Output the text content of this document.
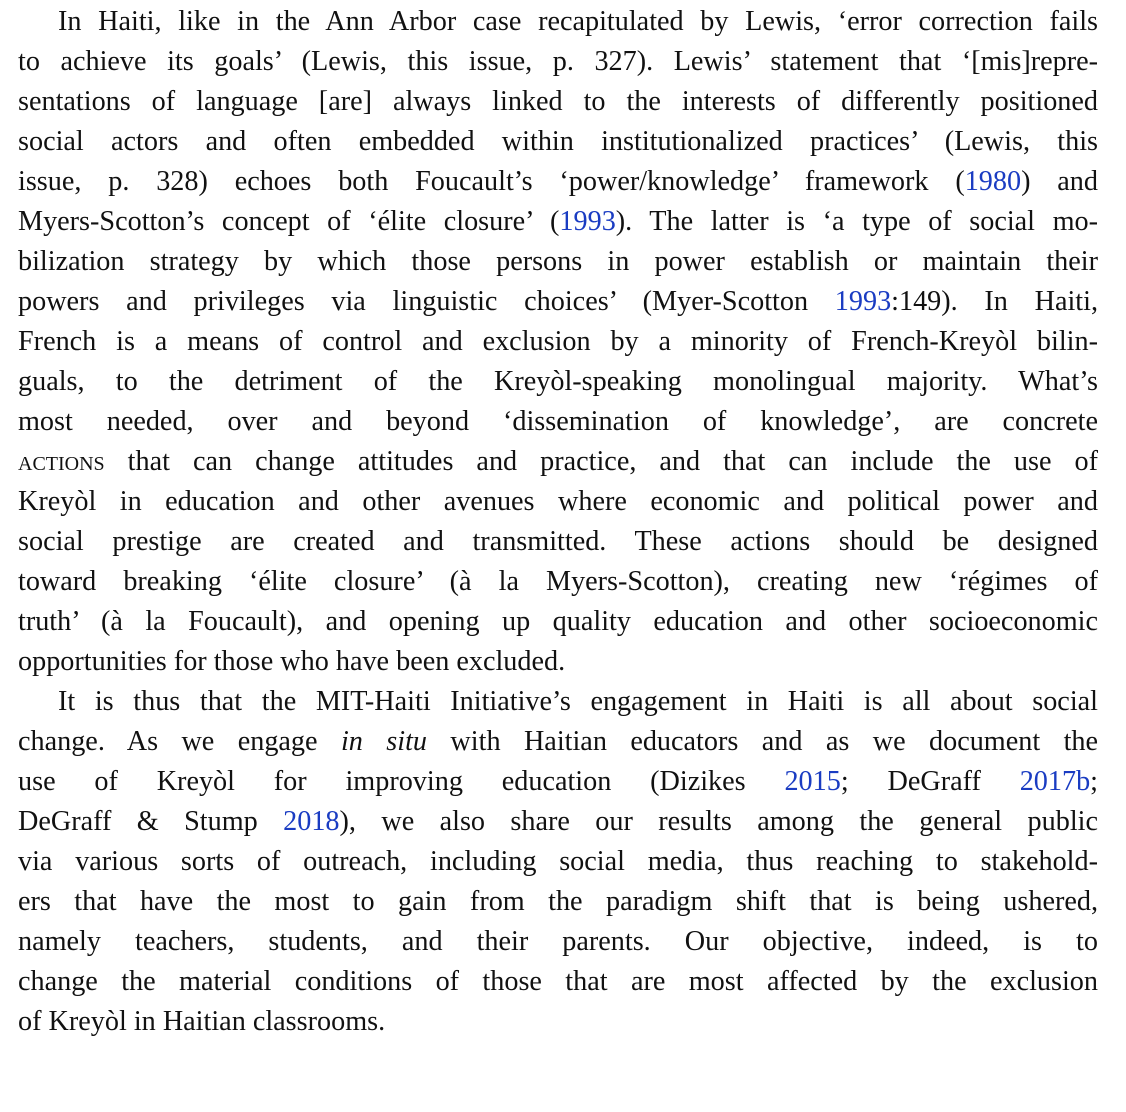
In Haiti, like in the Ann Arbor case recapitulated by Lewis, ‘error correction fails
to achieve its goals’ (Lewis, this issue, p. 327). Lewis’ statement that ‘[mis]repre-
sentations of language [are] always linked to the interests of differently positioned
social actors and often embedded within institutionalized practices’ (Lewis, this
issue, p. 328) echoes both Foucault’s ‘power/knowledge’ framework (1980) and
Myers-Scotton’s concept of ‘élite closure’ (1993). The latter is ‘a type of social mo-
bilization strategy by which those persons in power establish or maintain their
powers and privileges via linguistic choices’ (Myer-Scotton 1993:149). In Haiti,
French is a means of control and exclusion by a minority of French-Kreyòl bilin-
guals, to the detriment of the Kreyòl-speaking monolingual majority. What’s
most needed, over and beyond ‘dissemination of knowledge’, are concrete
actions that can change attitudes and practice, and that can include the use of
Kreyòl in education and other avenues where economic and political power and
social prestige are created and transmitted. These actions should be designed
toward breaking ‘élite closure’ (à la Myers-Scotton), creating new ‘régimes of
truth’ (à la Foucault), and opening up quality education and other socioeconomic
opportunities for those who have been excluded.
It is thus that the MIT-Haiti Initiative’s engagement in Haiti is all about social
change. As we engage in situ with Haitian educators and as we document the
use of Kreyòl for improving education (Dizikes 2015; DeGraff 2017b;
DeGraff & Stump 2018), we also share our results among the general public
via various sorts of outreach, including social media, thus reaching to stakehold-
ers that have the most to gain from the paradigm shift that is being ushered,
namely teachers, students, and their parents. Our objective, indeed, is to
change the material conditions of those that are most affected by the exclusion
of Kreyòl in Haitian classrooms.
